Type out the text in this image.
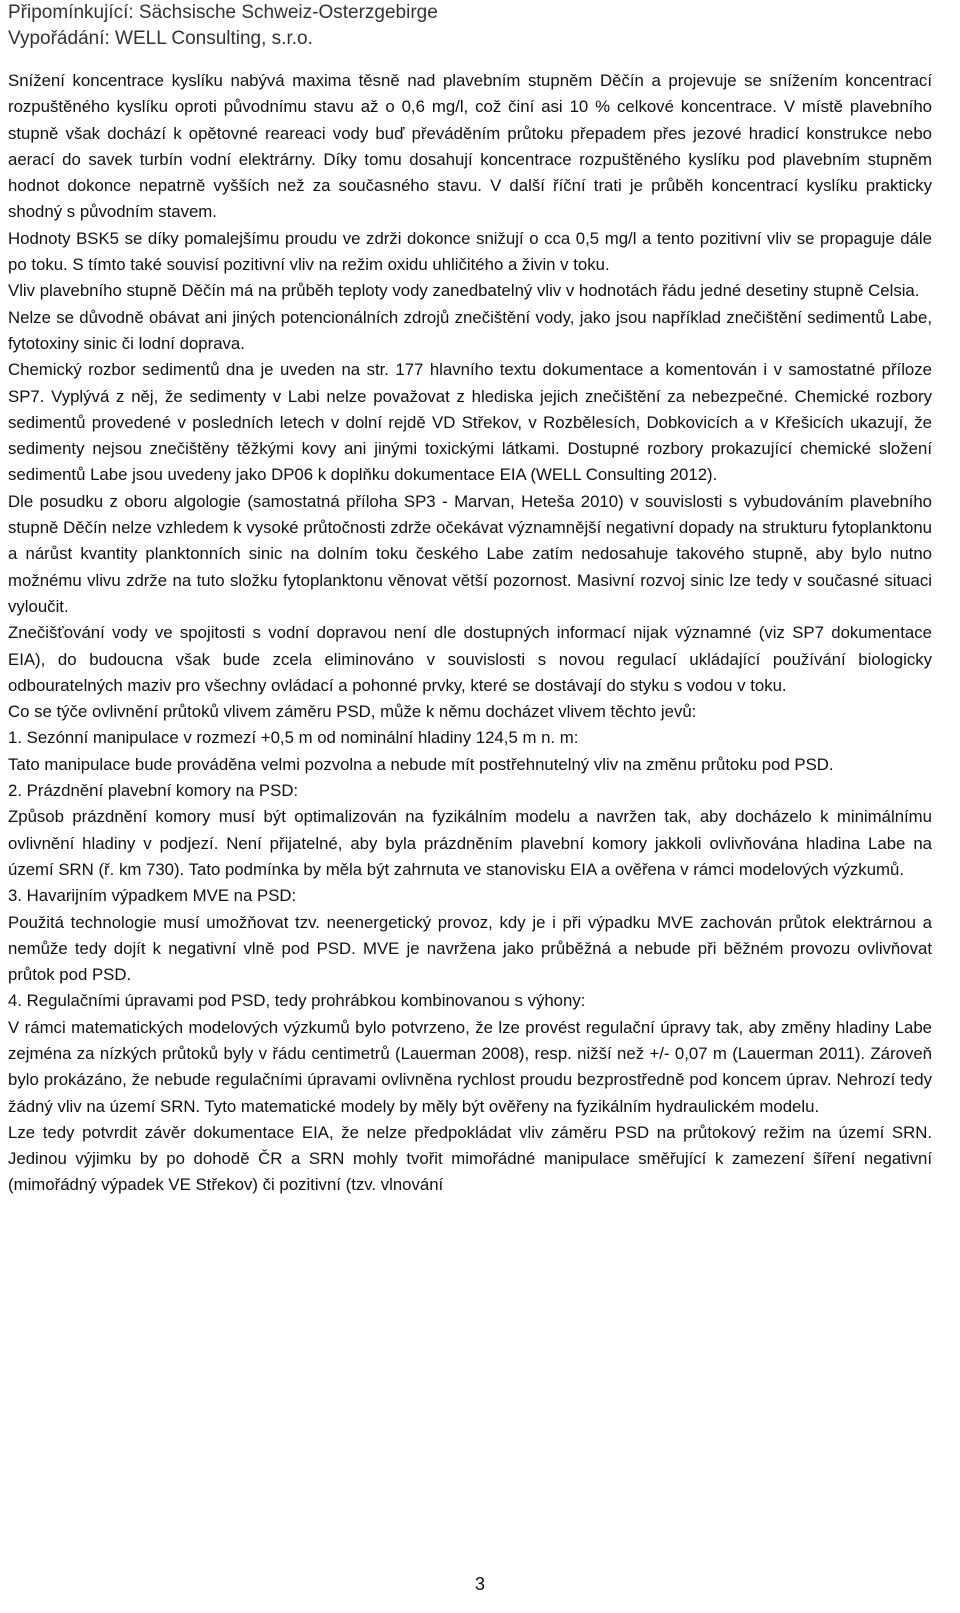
Připomínkující: Sächsische Schweiz-Osterzgebirge
Vypořádání: WELL Consulting, s.r.o.

Snížení koncentrace kyslíku nabývá maxima těsně nad plavebním stupněm Děčín a projevuje se snížením koncentrací rozpuštěného kyslíku oproti původnímu stavu až o 0,6 mg/l, což činí asi 10 % celkové koncentrace. V místě plavebního stupně však dochází k opětovné reareaci vody buď převáděním průtoku přepadem přes jezové hradicí konstrukce nebo aerací do savek turbín vodní elektrárny. Díky tomu dosahují koncentrace rozpuštěného kyslíku pod plavebním stupněm hodnot dokonce nepatrně vyšších než za současného stavu. V další říční trati je průběh koncentrací kyslíku prakticky shodný s původním stavem.

Hodnoty BSK5 se díky pomalejšímu proudu ve zdrži dokonce snižují o cca 0,5 mg/l a tento pozitivní vliv se propaguje dále po toku. S tímto také souvisí pozitivní vliv na režim oxidu uhličitého a živin v toku.

Vliv plavebního stupně Děčín má na průběh teploty vody zanedbatelný vliv v hodnotách řádu jedné desetiny stupně Celsia.

Nelze se důvodně obávat ani jiných potencionálních zdrojů znečištění vody, jako jsou například znečištění sedimentů Labe, fytotoxiny sinic či lodní doprava.

Chemický rozbor sedimentů dna je uveden na str. 177 hlavního textu dokumentace a komentován i v samostatné příloze SP7. Vyplývá z něj, že sedimenty v Labi nelze považovat z hlediska jejich znečištění za nebezpečné. Chemické rozbory sedimentů provedené v posledních letech v dolní rejdě VD Střekov, v Rozbělesích, Dobkovicích a v Křešicích ukazují, že sedimenty nejsou znečištěny těžkými kovy ani jinými toxickými látkami. Dostupné rozbory prokazující chemické složení sedimentů Labe jsou uvedeny jako DP06 k doplňku dokumentace EIA (WELL Consulting 2012).

Dle posudku z oboru algologie (samostatná příloha SP3 - Marvan, Heteša 2010) v souvislosti s vybudováním plavebního stupně Děčín nelze vzhledem k vysoké průtočnosti zdrže očekávat významnější negativní dopady na strukturu fytoplanktonu a nárůst kvantity planktonních sinic na dolním toku českého Labe zatím nedosahuje takového stupně, aby bylo nutno možnému vlivu zdrže na tuto složku fytoplanktonu věnovat větší pozornost. Masivní rozvoj sinic lze tedy v současné situaci vyloučit.

Znečišťování vody ve spojitosti s vodní dopravou není dle dostupných informací nijak významné (viz SP7 dokumentace EIA), do budoucna však bude zcela eliminováno v souvislosti s novou regulací ukládající používání biologicky odbouratelných maziv pro všechny ovládací a pohonné prvky, které se dostávají do styku s vodou v toku.

Co se týče ovlivnění průtoků vlivem záměru PSD, může k němu docházet vlivem těchto jevů:

1. Sezónní manipulace v rozmezí +0,5 m od nominální hladiny 124,5 m n. m:

Tato manipulace bude prováděna velmi pozvolna a nebude mít postřehnutelný vliv na změnu průtoku pod PSD.

2. Prázdnění plavební komory na PSD:

Způsob prázdnění komory musí být optimalizován na fyzikálním modelu a navržen tak, aby docházelo k minimálnímu ovlivnění hladiny v podjezí. Není přijatelné, aby byla prázdněním plavební komory jakkoli ovlivňována hladina Labe na území SRN (ř. km 730). Tato podmínka by měla být zahrnuta ve stanovisku EIA a ověřena v rámci modelových výzkumů.

3. Havarijním výpadkem MVE na PSD:

Použitá technologie musí umožňovat tzv. neenergetický provoz, kdy je i při výpadku MVE zachován průtok elektrárnou a nemůže tedy dojít k negativní vlně pod PSD. MVE je navržena jako průběžná a nebude při běžném provozu ovlivňovat průtok pod PSD.

4. Regulačními úpravami pod PSD, tedy prohrábkou kombinovanou s výhony:

V rámci matematických modelových výzkumů bylo potvrzeno, že lze provést regulační úpravy tak, aby změny hladiny Labe zejména za nízkých průtoků byly v řádu centimetrů (Lauerman 2008), resp. nižší než +/- 0,07 m (Lauerman 2011). Zároveň bylo prokázáno, že nebude regulačními úpravami ovlivněna rychlost proudu bezprostředně pod koncem úprav. Nehrozí tedy žádný vliv na území SRN. Tyto matematické modely by měly být ověřeny na fyzikálním hydraulickém modelu.

Lze tedy potvrdit závěr dokumentace EIA, že nelze předpokládat vliv záměru PSD na průtokový režim na území SRN. Jedinou výjimku by po dohodě ČR a SRN mohly tvořit mimořádné manipulace směřující k zamezení šíření negativní (mimořádný výpadek VE Střekov) či pozitivní (tzv. vlnování

3
